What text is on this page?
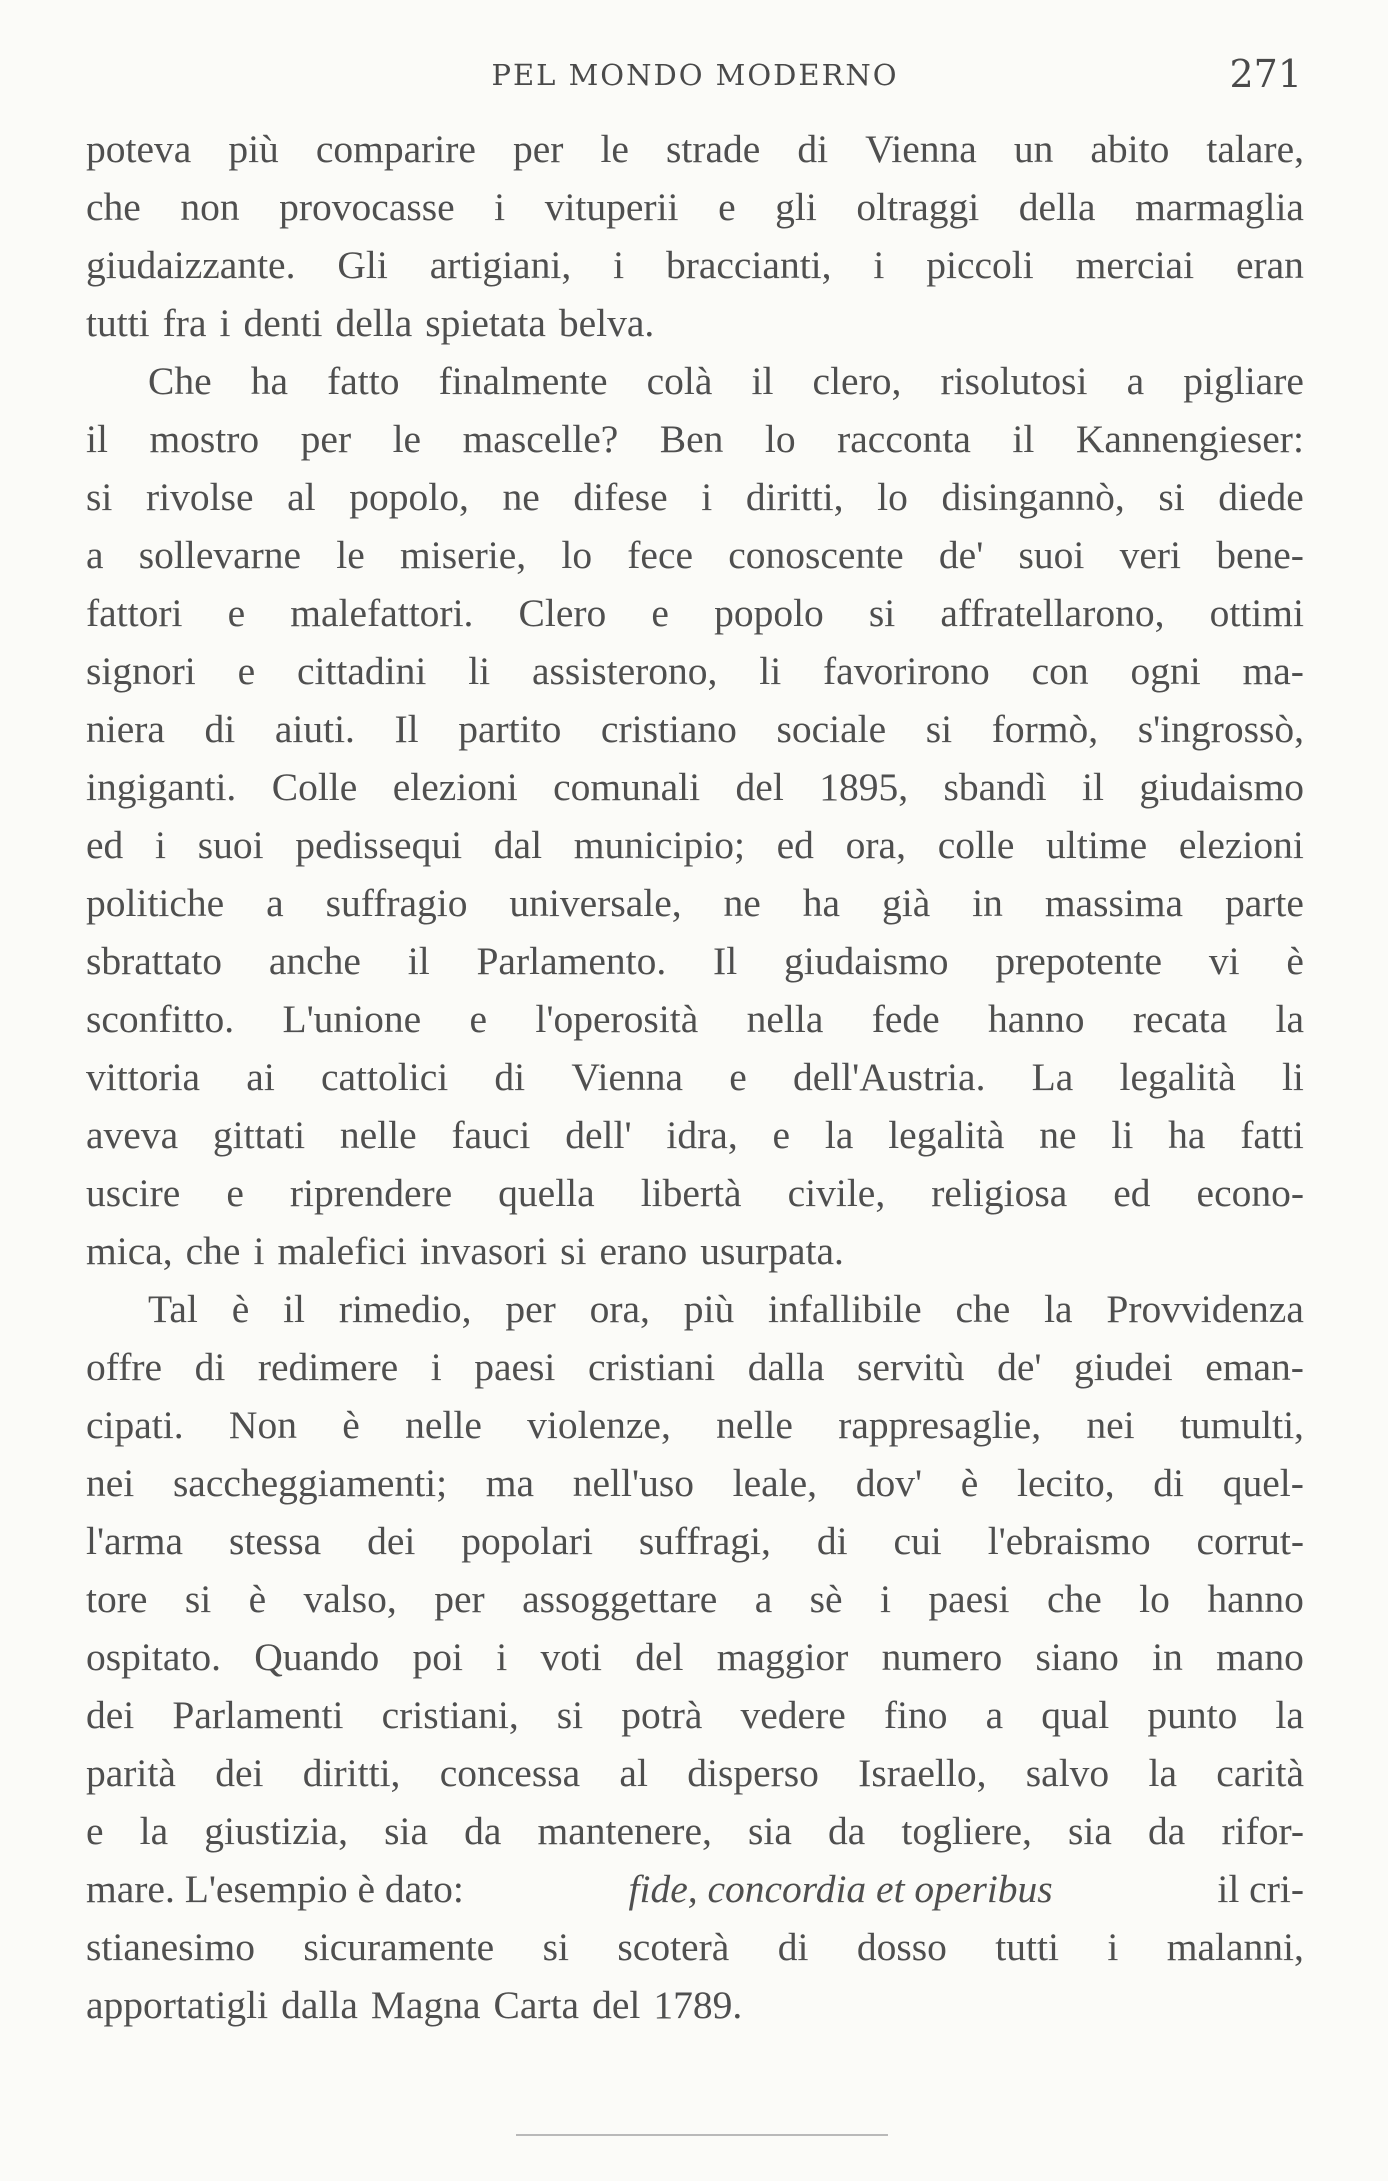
PEL MONDO MODERNO	271
poteva più comparire per le strade di Vienna un abito talare,
che non provocasse i vituperii e gli oltraggi della marmaglia
giudaizzante. Gli artigiani, i braccianti, i piccoli merciai eran
tutti fra i denti della spietata belva.
Che ha fatto finalmente colà il clero, risolutosi a pigliare
il mostro per le mascelle? Ben lo racconta il Kannengieser:
si rivolse al popolo, ne difese i diritti, lo disingannò, si diede
a sollevarne le miserie, lo fece conoscente de' suoi veri bene-
fattori e malefattori. Clero e popolo si affratellarono, ottimi
signori e cittadini li assisterono, li favorirono con ogni ma-
niera di aiuti. Il partito cristiano sociale si formò, s'ingrossò,
ingiganti. Colle elezioni comunali del 1895, sbandì il giudaismo
ed i suoi pedissequi dal municipio; ed ora, colle ultime elezioni
politiche a suffragio universale, ne ha già in massima parte
sbrattato anche il Parlamento. Il giudaismo prepotente vi è
sconfitto. L'unione e l'operosità nella fede hanno recata la
vittoria ai cattolici di Vienna e dell'Austria. La legalità li
aveva gittati nelle fauci dell' idra, e la legalità ne li ha fatti
uscire e riprendere quella libertà civile, religiosa ed econo-
mica, che i malefici invasori si erano usurpata.
Tal è il rimedio, per ora, più infallibile che la Provvidenza
offre di redimere i paesi cristiani dalla servitù de' giudei eman-
cipati. Non è nelle violenze, nelle rappresaglie, nei tumulti,
nei saccheggiamenti; ma nell'uso leale, dov' è lecito, di quel-
l'arma stessa dei popolari suffragi, di cui l'ebraismo corrut-
tore si è valso, per assoggettare a sè i paesi che lo hanno
ospitato. Quando poi i voti del maggior numero siano in mano
dei Parlamenti cristiani, si potrà vedere fino a qual punto la
parità dei diritti, concessa al disperso Israello, salvo la carità
e la giustizia, sia da mantenere, sia da togliere, sia da rifor-
mare. L'esempio è dato:	fide, concordia et operibus	il cri-
stianesimo sicuramente si scoterà di dosso tutti i malanni,
apportatigli dalla Magna Carta del 1789.
